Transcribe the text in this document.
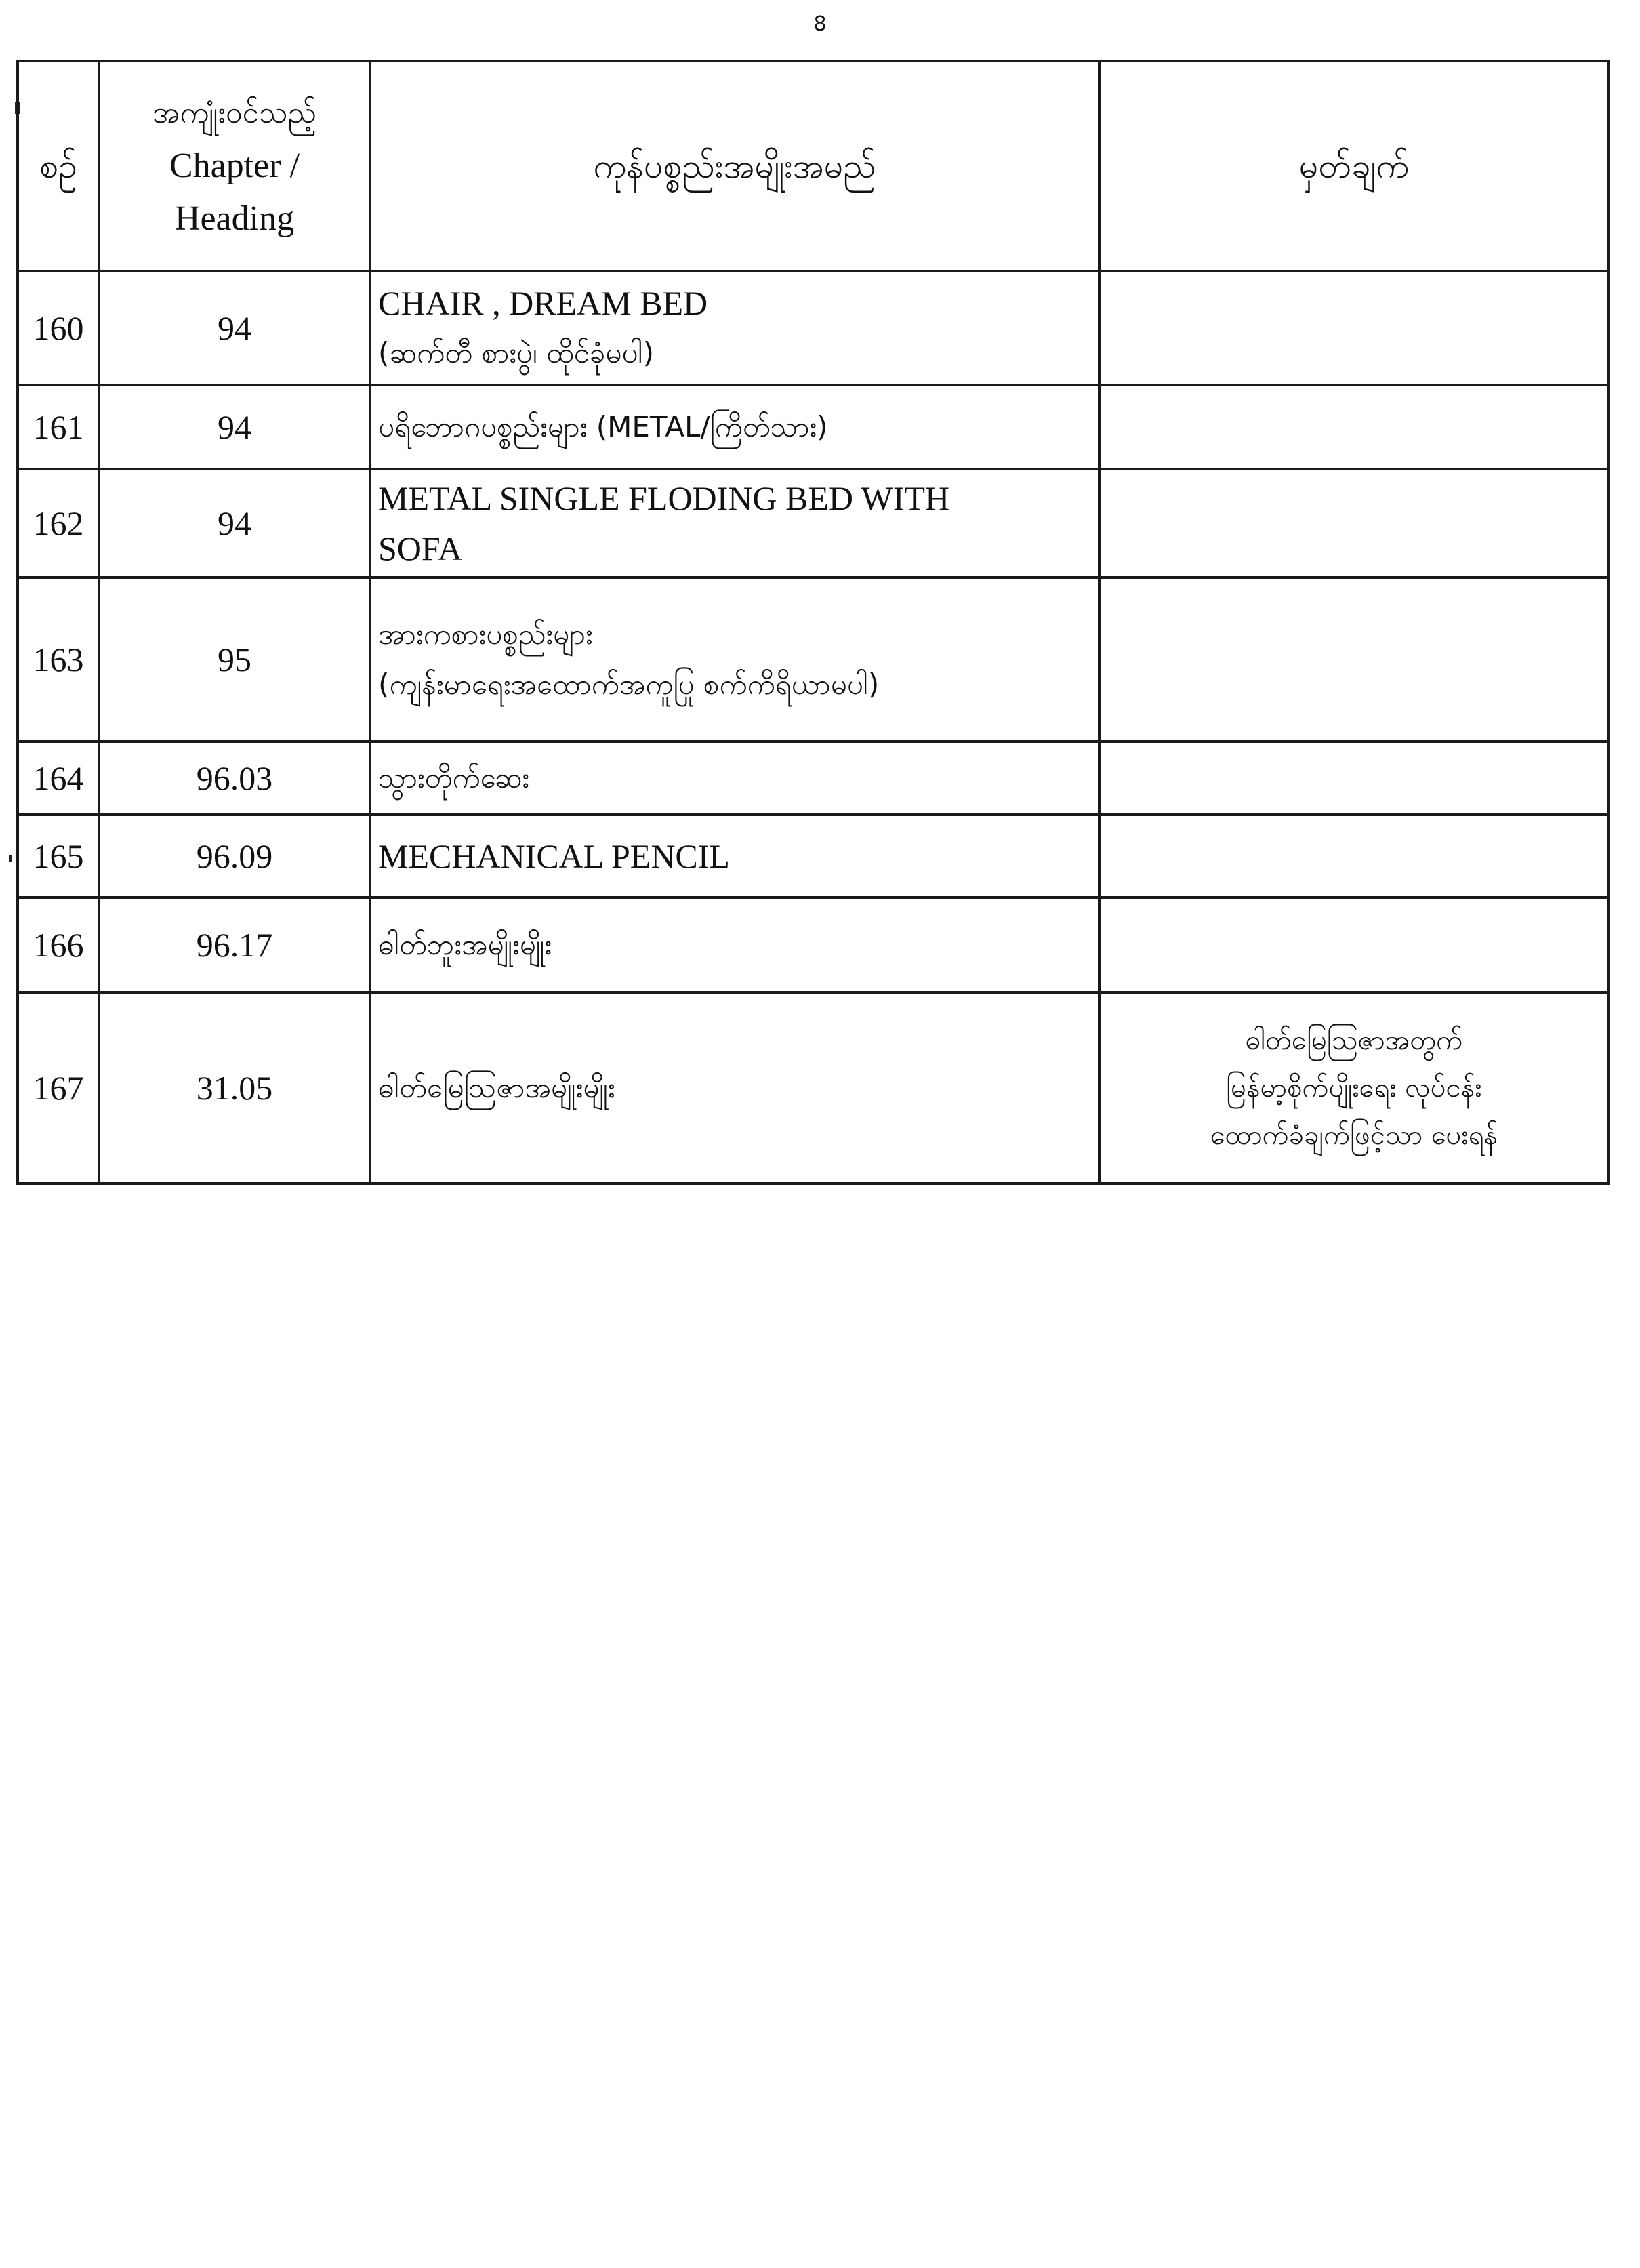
8
စဉ်	အကျုံးဝင်သည့်
Chapter /
Heading	ကုန်ပစ္စည်းအမျိုးအမည်	မှတ်ချက်
160	94	CHAIR , DREAM BED
(ဆက်တီ စားပွဲ၊ ထိုင်ခုံမပါ)	

161	94	ပရိဘောဂပစ္စည်းများ (METAL/ကြိတ်သား)	

162	94	METAL SINGLE FLODING BED WITH
SOFA	

163	95	အားကစားပစ္စည်းများ
(ကျန်းမာရေးအထောက်အကူပြု စက်ကိရိယာမပါ)	

164	96.03	သွားတိုက်ဆေး	

165	96.09	MECHANICAL PENCIL	

166	96.17	ဓါတ်ဘူးအမျိုးမျိုး	

167	31.05	ဓါတ်မြေသြဇာအမျိုးမျိုး	ဓါတ်မြေသြဇာအတွက်
မြန်မာ့စိုက်ပျိုးရေး လုပ်ငန်း
ထောက်ခံချက်ဖြင့်သာ ပေးရန်
